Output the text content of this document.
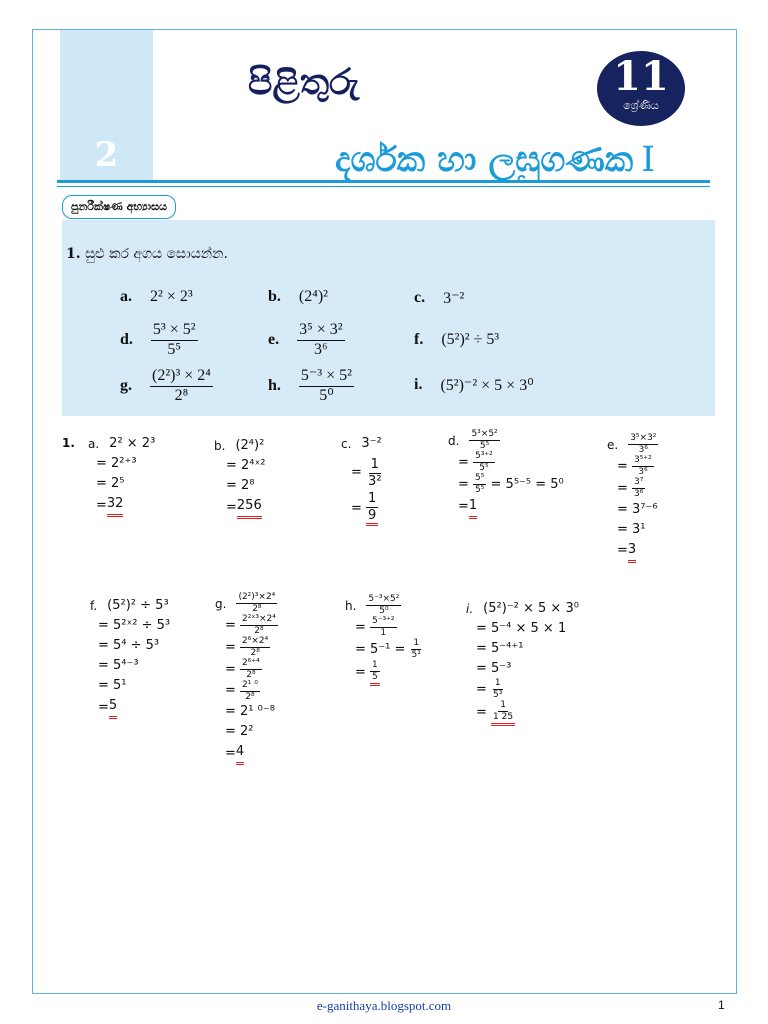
2
පිළිතුරු	11
ශ්‍රේණිය
දර්ශක හා ලඝුගණක I
පුනරීක්ෂණ අභ්‍යාසය
1. සුළු කර අගය සොයන්න.
a. 2² × 2³	b. (2⁴)²	c. 3⁻²
d. $\frac{\text{5³ × 5²}}{\text{5⁵}}$	e. $\frac{\text{3⁵ × 3²}}{\text{3⁶}}$	f. (5²)² ÷ 5³
g. $\frac{\text{(2²)³ × 2⁴}}{\text{2⁸}}$	h. $\frac{\text{5⁻³ × 5²}}{\text{5⁰}}$	i. (5²)⁻² × 5 × 3⁰
1. a. 2² × 2³
= 2²⁺³
= 2⁵
= 32
b. (2⁴)²
= 2⁴ˣ²
= 2⁸
= 256
c. 3⁻²
=
$\frac{1}{\text{3²}}$
=
$\frac{1}{9}$
d. $\frac{\text{5³×5²}}{\text{5⁵}}$
=
$\frac{\text{5³⁺²}}{\text{5⁵}}$
=
$\frac{\text{5⁵}}{\text{5⁵}}$
= 5⁵⁻⁵ = 5⁰
= 1
e. $\frac{\text{3⁵×3²}}{\text{3⁶}}$
=
$\frac{\text{3⁵⁺²}}{\text{3⁶}}$
=
$\frac{\text{3⁷}}{\text{3⁶}}$
= 3⁷⁻⁶
= 3¹
= 3
f. (5²)² ÷ 5³
= 5²ˣ² ÷ 5³
= 5⁴ ÷ 5³
= 5⁴⁻³
= 5¹
= 5
g. $\frac{\text{(2²)³×2⁴}}{\text{2⁸}}$
=
$\frac{\text{2²ˣ³×2⁴}}{\text{2⁸}}$
=
$\frac{\text{2⁶×2⁴}}{\text{2⁸}}$
=
$\frac{\text{2⁶⁺⁴}}{\text{2⁸}}$
=
$\frac{\text{2¹ ⁰}}{\text{2⁸}}$
= 2¹ ⁰⁻⁸
= 2²
= 4
h. $\frac{\text{5⁻³×5²}}{\text{5⁰}}$
=
$\frac{\text{5⁻³⁺²}}{1}$
= 5⁻¹ =
$\frac{1}{\text{5¹}}$
=
$\frac{1}{5}$
i. (5²)⁻² × 5 × 3⁰
= 5⁻⁴ × 5 × 1
= 5⁻⁴⁺¹
= 5⁻³
=
$\frac{1}{\text{5³}}$
=
$\frac{1}{1 25}$
e-ganithaya.blogspot.com	1
